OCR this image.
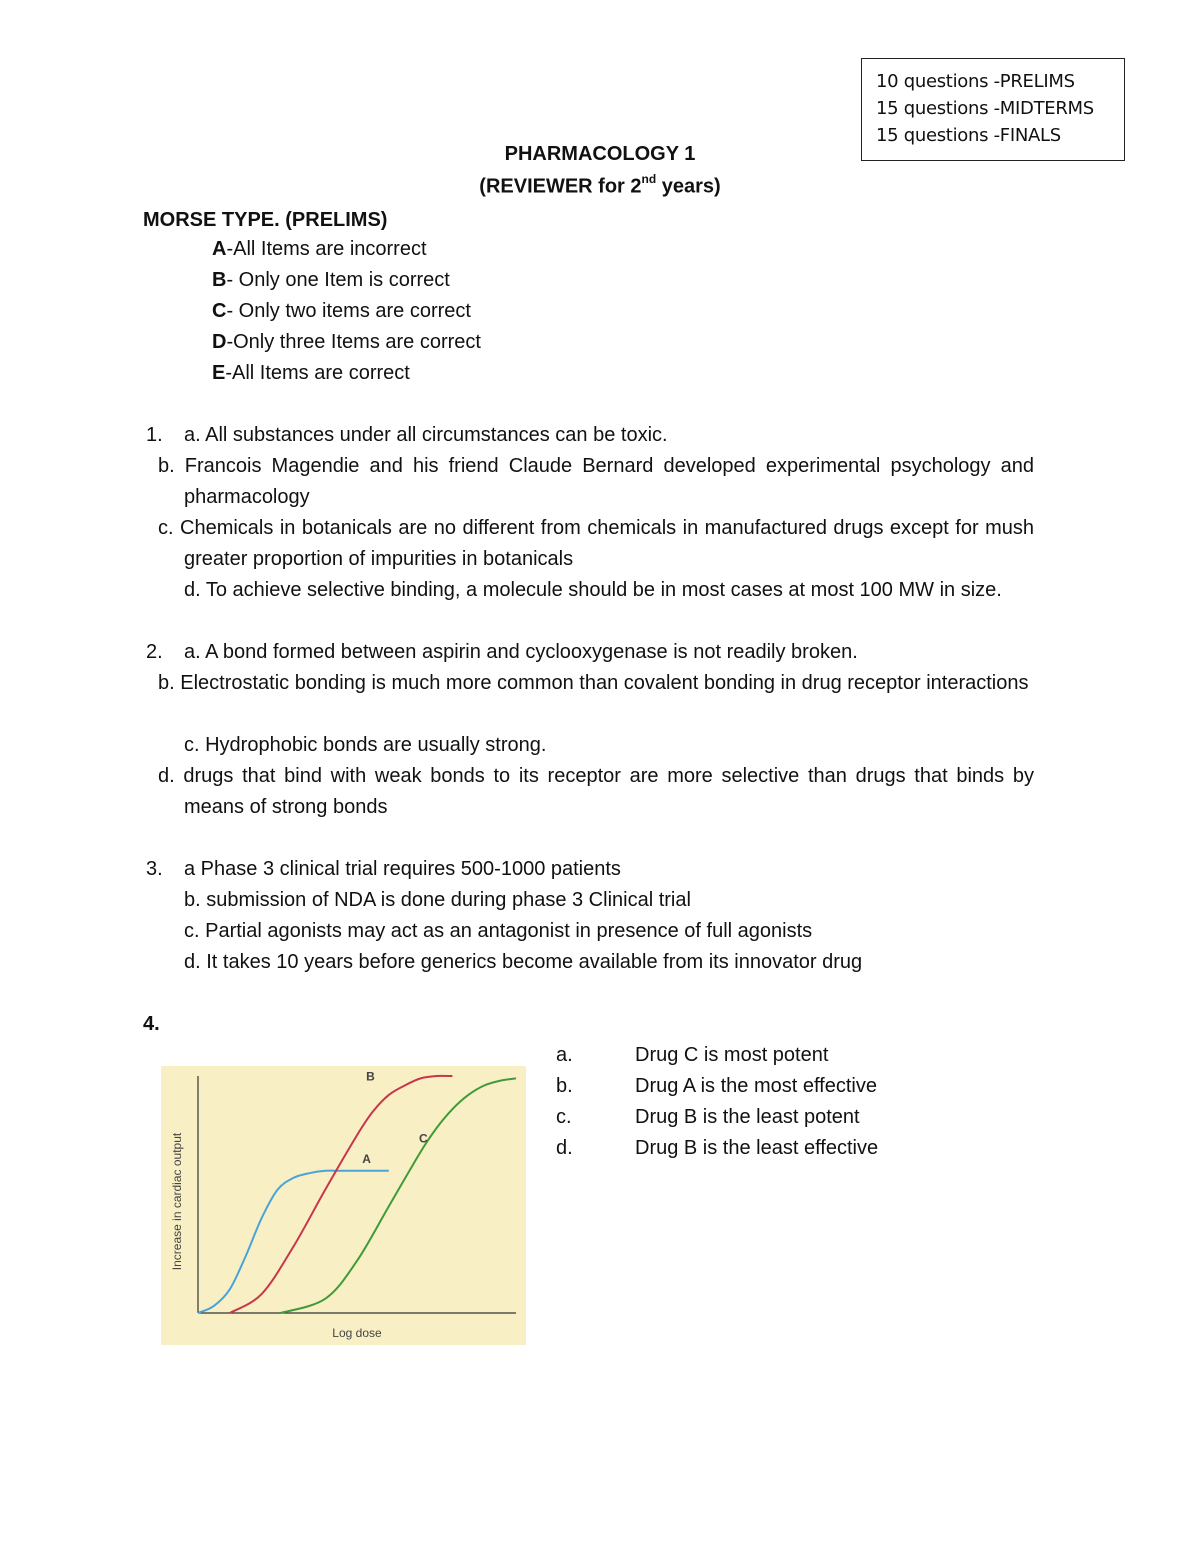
10 questions -PRELIMS
15 questions -MIDTERMS
15 questions -FINALS
PHARMACOLOGY 1
(REVIEWER for 2nd years)
MORSE TYPE. (PRELIMS)
A-All Items are incorrect
B- Only one Item is correct
C- Only two items are correct
D-Only three Items are correct
E-All Items are correct
1. a. All substances under all circumstances can be toxic.
b. Francois Magendie and his friend Claude Bernard developed experimental psychology and pharmacology
c. Chemicals in botanicals are no different from chemicals in manufactured drugs except for mush greater proportion of impurities in botanicals
d. To achieve selective binding, a molecule should be in most cases at most 100 MW in size.
2. a. A bond formed between aspirin and cyclooxygenase is not readily broken.
b. Electrostatic bonding is much more common than covalent bonding in drug receptor interactions
c. Hydrophobic bonds are usually strong.
d. drugs that bind with weak bonds to its receptor are more selective than drugs that binds by means of strong bonds
3. a Phase 3 clinical trial requires 500-1000 patients
b. submission of NDA is done during phase 3 Clinical trial
c. Partial agonists may act as an antagonist in presence of full agonists
d. It takes 10 years before generics become available from its innovator drug
4.
Log dose
Increase in cardiac output	A
B
C
a.	Drug C is most potent
b.	Drug A is the most effective
c.	Drug B is the least potent
d.	Drug B is the least effective
